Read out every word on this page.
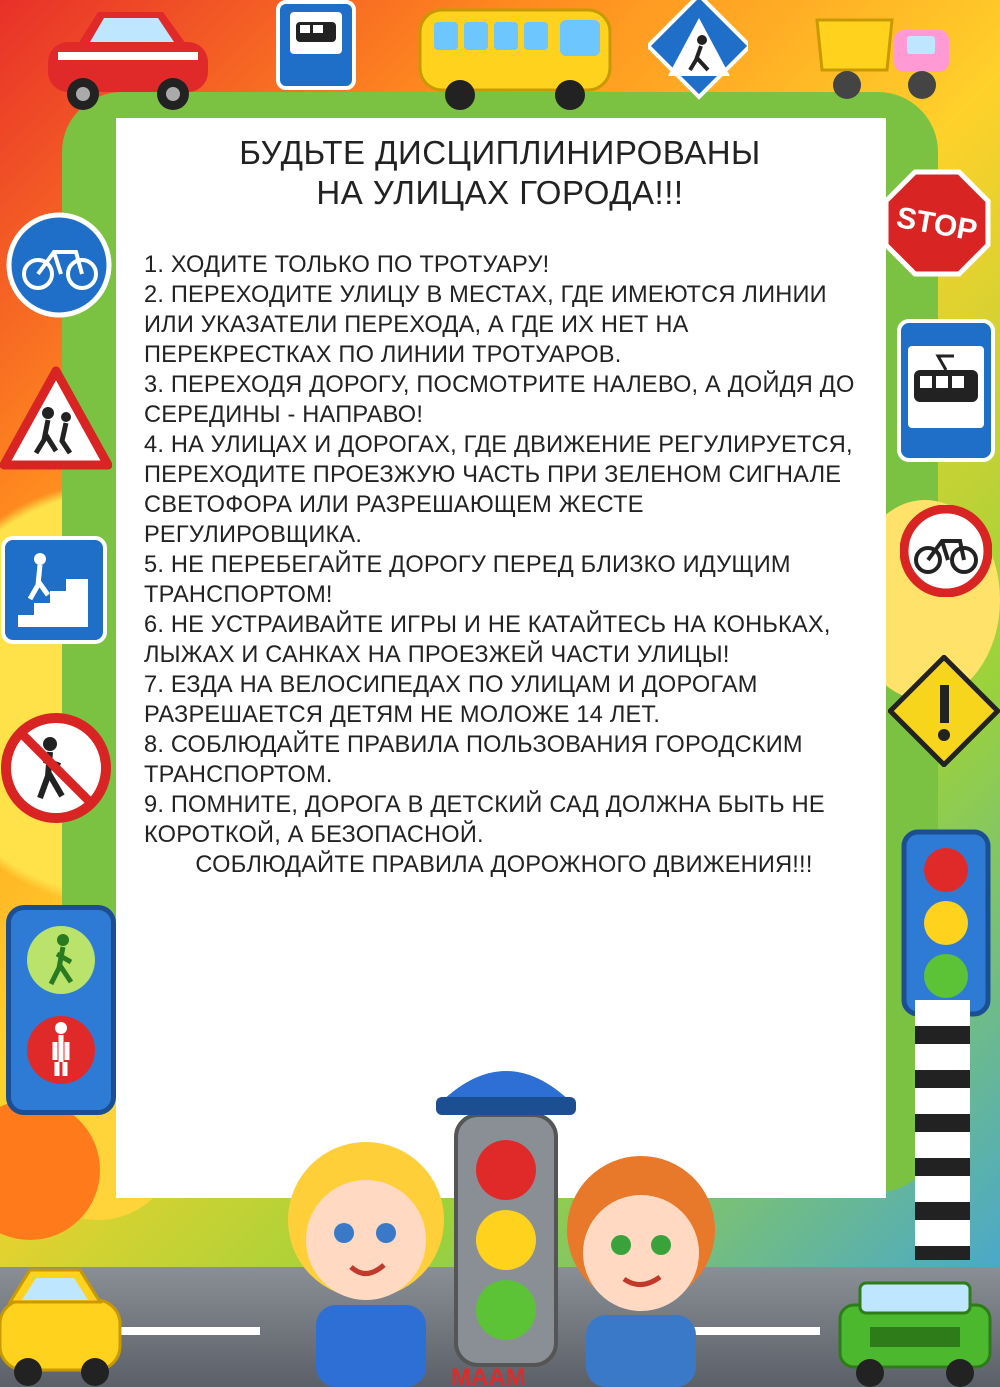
STOP
МААМ
БУДЬТЕ ДИСЦИПЛИНИРОВАНЫ
НА УЛИЦАХ ГОРОДА!!!

1. ХОДИТЕ ТОЛЬКО ПО ТРОТУАРУ!

2. ПЕРЕХОДИТЕ УЛИЦУ В МЕСТАХ, ГДЕ ИМЕЮТСЯ ЛИНИИ ИЛИ УКАЗАТЕЛИ ПЕРЕХОДА, А ГДЕ ИХ НЕТ НА ПЕРЕКРЕСТКАХ ПО ЛИНИИ ТРОТУАРОВ.

3. ПЕРЕХОДЯ ДОРОГУ, ПОСМОТРИТЕ НАЛЕВО, А ДОЙДЯ ДО СЕРЕДИНЫ - НАПРАВО!

4. НА УЛИЦАХ И ДОРОГАХ, ГДЕ ДВИЖЕНИЕ РЕГУЛИРУЕТСЯ, ПЕРЕХОДИТЕ ПРОЕЗЖУЮ ЧАСТЬ ПРИ ЗЕЛЕНОМ СИГНАЛЕ СВЕТОФОРА ИЛИ РАЗРЕШАЮЩЕМ ЖЕСТЕ РЕГУЛИРОВЩИКА.

5. НЕ ПЕРЕБЕГАЙТЕ ДОРОГУ ПЕРЕД БЛИЗКО ИДУЩИМ ТРАНСПОРТОМ!

6. НЕ УСТРАИВАЙТЕ ИГРЫ И НЕ КАТАЙТЕСЬ НА КОНЬКАХ, ЛЫЖАХ И САНКАХ НА ПРОЕЗЖЕЙ ЧАСТИ УЛИЦЫ!

7. ЕЗДА НА ВЕЛОСИПЕДАХ ПО УЛИЦАМ И ДОРОГАМ РАЗРЕШАЕТСЯ ДЕТЯМ НЕ МОЛОЖЕ 14 ЛЕТ.

8. СОБЛЮДАЙТЕ ПРАВИЛА ПОЛЬЗОВАНИЯ ГОРОДСКИМ ТРАНСПОРТОМ.

9. ПОМНИТЕ, ДОРОГА В ДЕТСКИЙ САД ДОЛЖНА БЫТЬ НЕ КОРОТКОЙ, А БЕЗОПАСНОЙ.

СОБЛЮДАЙТЕ ПРАВИЛА ДОРОЖНОГО ДВИЖЕНИЯ!!!
